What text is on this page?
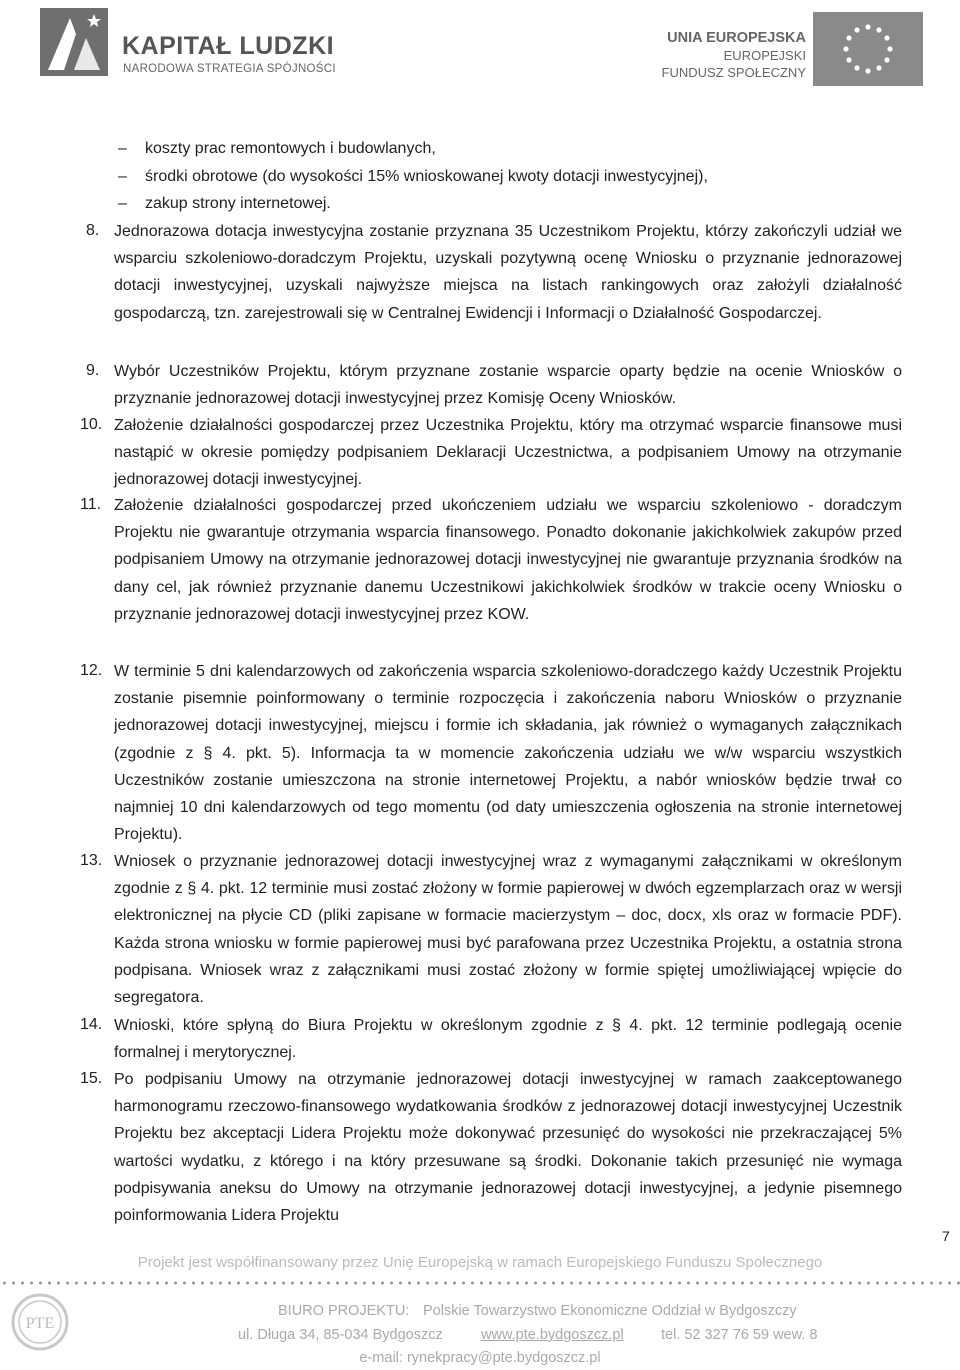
KAPITAŁ LUDZKI
NARODOWA STRATEGIA SPÓJNOŚCI
UNIA EUROPEJSKA
EUROPEJSKI
FUNDUSZ SPOŁECZNY
– koszty prac remontowych i budowlanych,
– środki obrotowe (do wysokości 15% wnioskowanej kwoty dotacji inwestycyjnej),
– zakup strony internetowej.
8. Jednorazowa dotacja inwestycyjna zostanie przyznana 35 Uczestnikom Projektu, którzy zakończyli udział we wsparciu szkoleniowo-doradczym Projektu, uzyskali pozytywną ocenę Wniosku o przyznanie jednorazowej dotacji inwestycyjnej, uzyskali najwyższe miejsca na listach rankingowych oraz założyli działalność gospodarczą, tzn. zarejestrowali się w Centralnej Ewidencji i Informacji o Działalność Gospodarczej.
9. Wybór Uczestników Projektu, którym przyznane zostanie wsparcie oparty będzie na ocenie Wniosków o przyznanie jednorazowej dotacji inwestycyjnej przez Komisję Oceny Wniosków.
10. Założenie działalności gospodarczej przez Uczestnika Projektu, który ma otrzymać wsparcie finansowe musi nastąpić w okresie pomiędzy podpisaniem Deklaracji Uczestnictwa, a podpisaniem Umowy na otrzymanie jednorazowej dotacji inwestycyjnej.
11. Założenie działalności gospodarczej przed ukończeniem udziału we wsparciu szkoleniowo - doradczym Projektu nie gwarantuje otrzymania wsparcia finansowego. Ponadto dokonanie jakichkolwiek zakupów przed podpisaniem Umowy na otrzymanie jednorazowej dotacji inwestycyjnej nie gwarantuje przyznania środków na dany cel, jak również przyznanie danemu Uczestnikowi jakichkolwiek środków w trakcie oceny Wniosku o przyznanie jednorazowej dotacji inwestycyjnej przez KOW.
12. W terminie 5 dni kalendarzowych od zakończenia wsparcia szkoleniowo-doradczego każdy Uczestnik Projektu zostanie pisemnie poinformowany o terminie rozpoczęcia i zakończenia naboru Wniosków o przyznanie jednorazowej dotacji inwestycyjnej, miejscu i formie ich składania, jak również o wymaganych załącznikach (zgodnie z § 4. pkt. 5). Informacja ta w momencie zakończenia udziału we w/w wsparciu wszystkich Uczestników zostanie umieszczona na stronie internetowej Projektu, a nabór wniosków będzie trwał co najmniej 10 dni kalendarzowych od tego momentu (od daty umieszczenia ogłoszenia na stronie internetowej Projektu).
13. Wniosek o przyznanie jednorazowej dotacji inwestycyjnej wraz z wymaganymi załącznikami w określonym zgodnie z § 4. pkt. 12 terminie musi zostać złożony w formie papierowej w dwóch egzemplarzach oraz w wersji elektronicznej na płycie CD (pliki zapisane w formacie macierzystym – doc, docx, xls oraz w formacie PDF). Każda strona wniosku w formie papierowej musi być parafowana przez Uczestnika Projektu, a ostatnia strona podpisana. Wniosek wraz z załącznikami musi zostać złożony w formie spiętej umożliwiającej wpięcie do segregatora.
14. Wnioski, które spłyną do Biura Projektu w określonym zgodnie z § 4. pkt. 12 terminie podlegają ocenie formalnej i merytorycznej.
15. Po podpisaniu Umowy na otrzymanie jednorazowej dotacji inwestycyjnej w ramach zaakceptowanego harmonogramu rzeczowo-finansowego wydatkowania środków z jednorazowej dotacji inwestycyjnej Uczestnik Projektu bez akceptacji Lidera Projektu może dokonywać przesunięć do wysokości nie przekraczającej 5% wartości wydatku, z którego i na który przesuwane są środki. Dokonanie takich przesunięć nie wymaga podpisywania aneksu do Umowy na otrzymanie jednorazowej dotacji inwestycyjnej, a jedynie pisemnego poinformowania Lidera Projektu
7
Projekt jest współfinansowany przez Unię Europejską w ramach Europejskiego Funduszu Społecznego
PTE
BIURO PROJEKTU: Polskie Towarzystwo Ekonomiczne Oddział w Bydgoszczy
ul. Długa 34, 85-034 Bydgoszcz	www.pte.bydgoszcz.pl	tel. 52 327 76 59 wew. 8
e-mail: rynekpracy@pte.bydgoszcz.pl
